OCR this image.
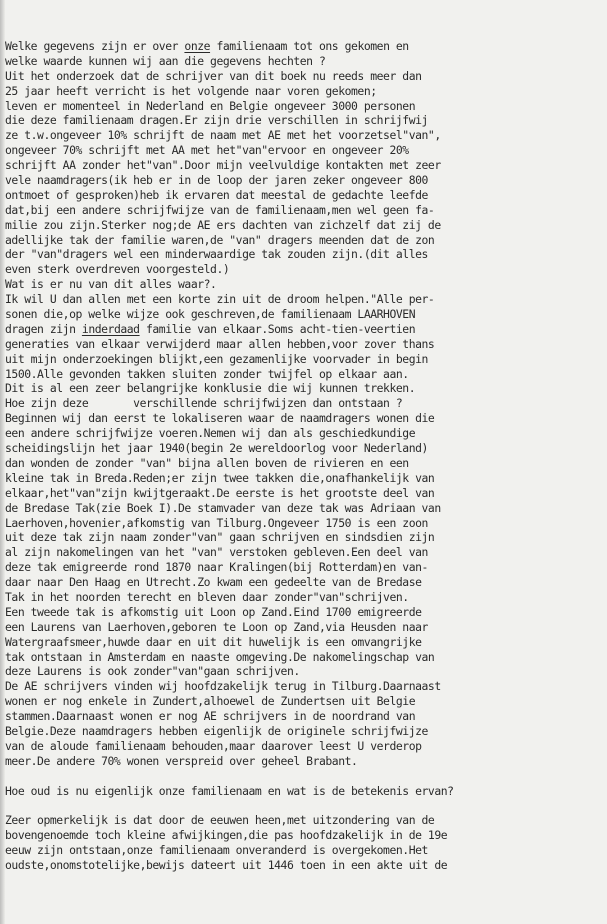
Welke gegevens zijn er over onze familienaam tot ons gekomen en
welke waarde kunnen wij aan die gegevens hechten ?
Uit het onderzoek dat de schrijver van dit boek nu reeds meer dan
25 jaar heeft verricht is het volgende naar voren gekomen;
leven er momenteel in Nederland en Belgie ongeveer 3000 personen
die deze familienaam dragen.Er zijn drie verschillen in schrijfwij
ze t.w.ongeveer 10% schrijft de naam met AE met het voorzetsel"van",
ongeveer 70% schrijft met AA met het"van"ervoor en ongeveer 20%
schrijft AA zonder het"van".Door mijn veelvuldige kontakten met zeer
vele naamdragers(ik heb er in de loop der jaren zeker ongeveer 800
ontmoet of gesproken)heb ik ervaren dat meestal de gedachte leefde
dat,bij een andere schrijfwijze van de familienaam,men wel geen fa-
milie zou zijn.Sterker nog;de AE ers dachten van zichzelf dat zij de
adellijke tak der familie waren,de "van" dragers meenden dat de zon
der "van"dragers wel een minderwaardige tak zouden zijn.(dit alles
even sterk overdreven voorgesteld.)
Wat is er nu van dit alles waar?.
Ik wil U dan allen met een korte zin uit de droom helpen."Alle per-
sonen die,op welke wijze ook geschreven,de familienaam LAARHOVEN
dragen zijn inderdaad familie van elkaar.Soms acht-tien-veertien
generaties van elkaar verwijderd maar allen hebben,voor zover thans
uit mijn onderzoekingen blijkt,een gezamenlijke voorvader in begin
1500.Alle gevonden takken sluiten zonder twijfel op elkaar aan.
Dit is al een zeer belangrijke konklusie die wij kunnen trekken.
Hoe zijn deze       verschillende schrijfwijzen dan ontstaan ?
Beginnen wij dan eerst te lokaliseren waar de naamdragers wonen die
een andere schrijfwijze voeren.Nemen wij dan als geschiedkundige
scheidingslijn het jaar 1940(begin 2e wereldoorlog voor Nederland)
dan wonden de zonder "van" bijna allen boven de rivieren en een
kleine tak in Breda.Reden;er zijn twee takken die,onafhankelijk van
elkaar,het"van"zijn kwijtgeraakt.De eerste is het grootste deel van
de Bredase Tak(zie Boek I).De stamvader van deze tak was Adriaan van
Laerhoven,hovenier,afkomstig van Tilburg.Ongeveer 1750 is een zoon
uit deze tak zijn naam zonder"van" gaan schrijven en sindsdien zijn
al zijn nakomelingen van het "van" verstoken gebleven.Een deel van
deze tak emigreerde rond 1870 naar Kralingen(bij Rotterdam)en van-
daar naar Den Haag en Utrecht.Zo kwam een gedeelte van de Bredase
Tak in het noorden terecht en bleven daar zonder"van"schrijven.
Een tweede tak is afkomstig uit Loon op Zand.Eind 1700 emigreerde
een Laurens van Laerhoven,geboren te Loon op Zand,via Heusden naar
Watergraafsmeer,huwde daar en uit dit huwelijk is een omvangrijke
tak ontstaan in Amsterdam en naaste omgeving.De nakomelingschap van
deze Laurens is ook zonder"van"gaan schrijven.
De AE schrijvers vinden wij hoofdzakelijk terug in Tilburg.Daarnaast
wonen er nog enkele in Zundert,alhoewel de Zundertsen uit Belgie
stammen.Daarnaast wonen er nog AE schrijvers in de noordrand van
Belgie.Deze naamdragers hebben eigenlijk de originele schrijfwijze
van de aloude familienaam behouden,maar daarover leest U verderop
meer.De andere 70% wonen verspreid over geheel Brabant.
Hoe oud is nu eigenlijk onze familienaam en wat is de betekenis ervan?
Zeer opmerkelijk is dat door de eeuwen heen,met uitzondering van de
bovengenoemde toch kleine afwijkingen,die pas hoofdzakelijk in de 19e
eeuw zijn ontstaan,onze familienaam onveranderd is overgekomen.Het
oudste,onomstotelijke,bewijs dateert uit 1446 toen in een akte uit de
